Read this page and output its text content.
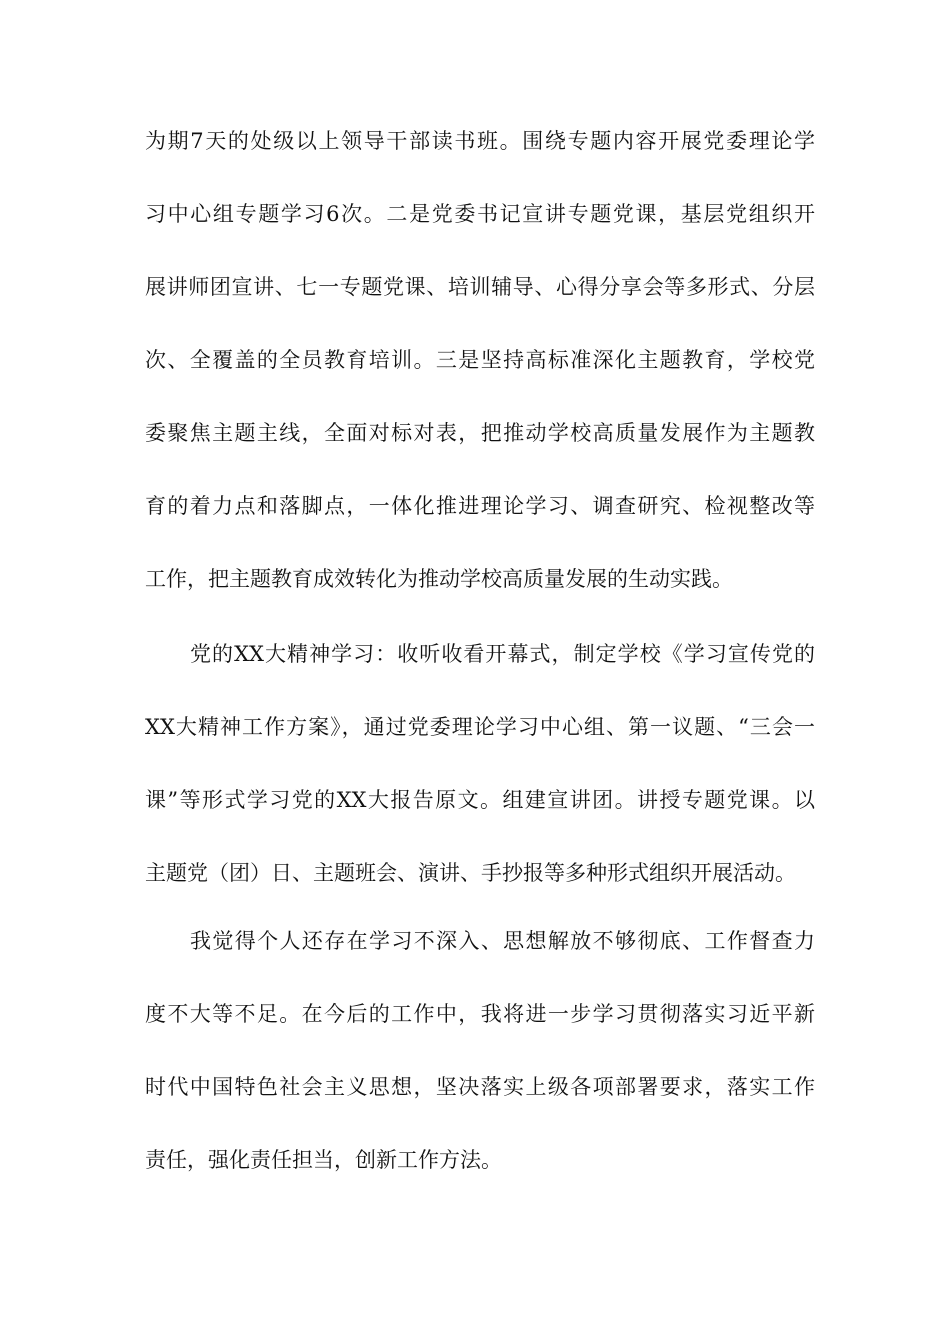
为期7天的处级以上领导干部读书班。围绕专题内容开展党委理论学
习中心组专题学习6次。二是党委书记宣讲专题党课，基层党组织开
展讲师团宣讲、七一专题党课、培训辅导、心得分享会等多形式、分层
次、全覆盖的全员教育培训。三是坚持高标准深化主题教育，学校党
委聚焦主题主线，全面对标对表，把推动学校高质量发展作为主题教
育的着力点和落脚点，一体化推进理论学习、调查研究、检视整改等
工作，把主题教育成效转化为推动学校高质量发展的生动实践。
党的XX大精神学习：收听收看开幕式，制定学校《学习宣传党的
XX大精神工作方案》，通过党委理论学习中心组、第一议题、“三会一
课”等形式学习党的XX大报告原文。组建宣讲团。讲授专题党课。以
主题党（团）日、主题班会、演讲、手抄报等多种形式组织开展活动。
我觉得个人还存在学习不深入、思想解放不够彻底、工作督查力
度不大等不足。在今后的工作中，我将进一步学习贯彻落实习近平新
时代中国特色社会主义思想，坚决落实上级各项部署要求，落实工作
责任，强化责任担当，创新工作方法。
